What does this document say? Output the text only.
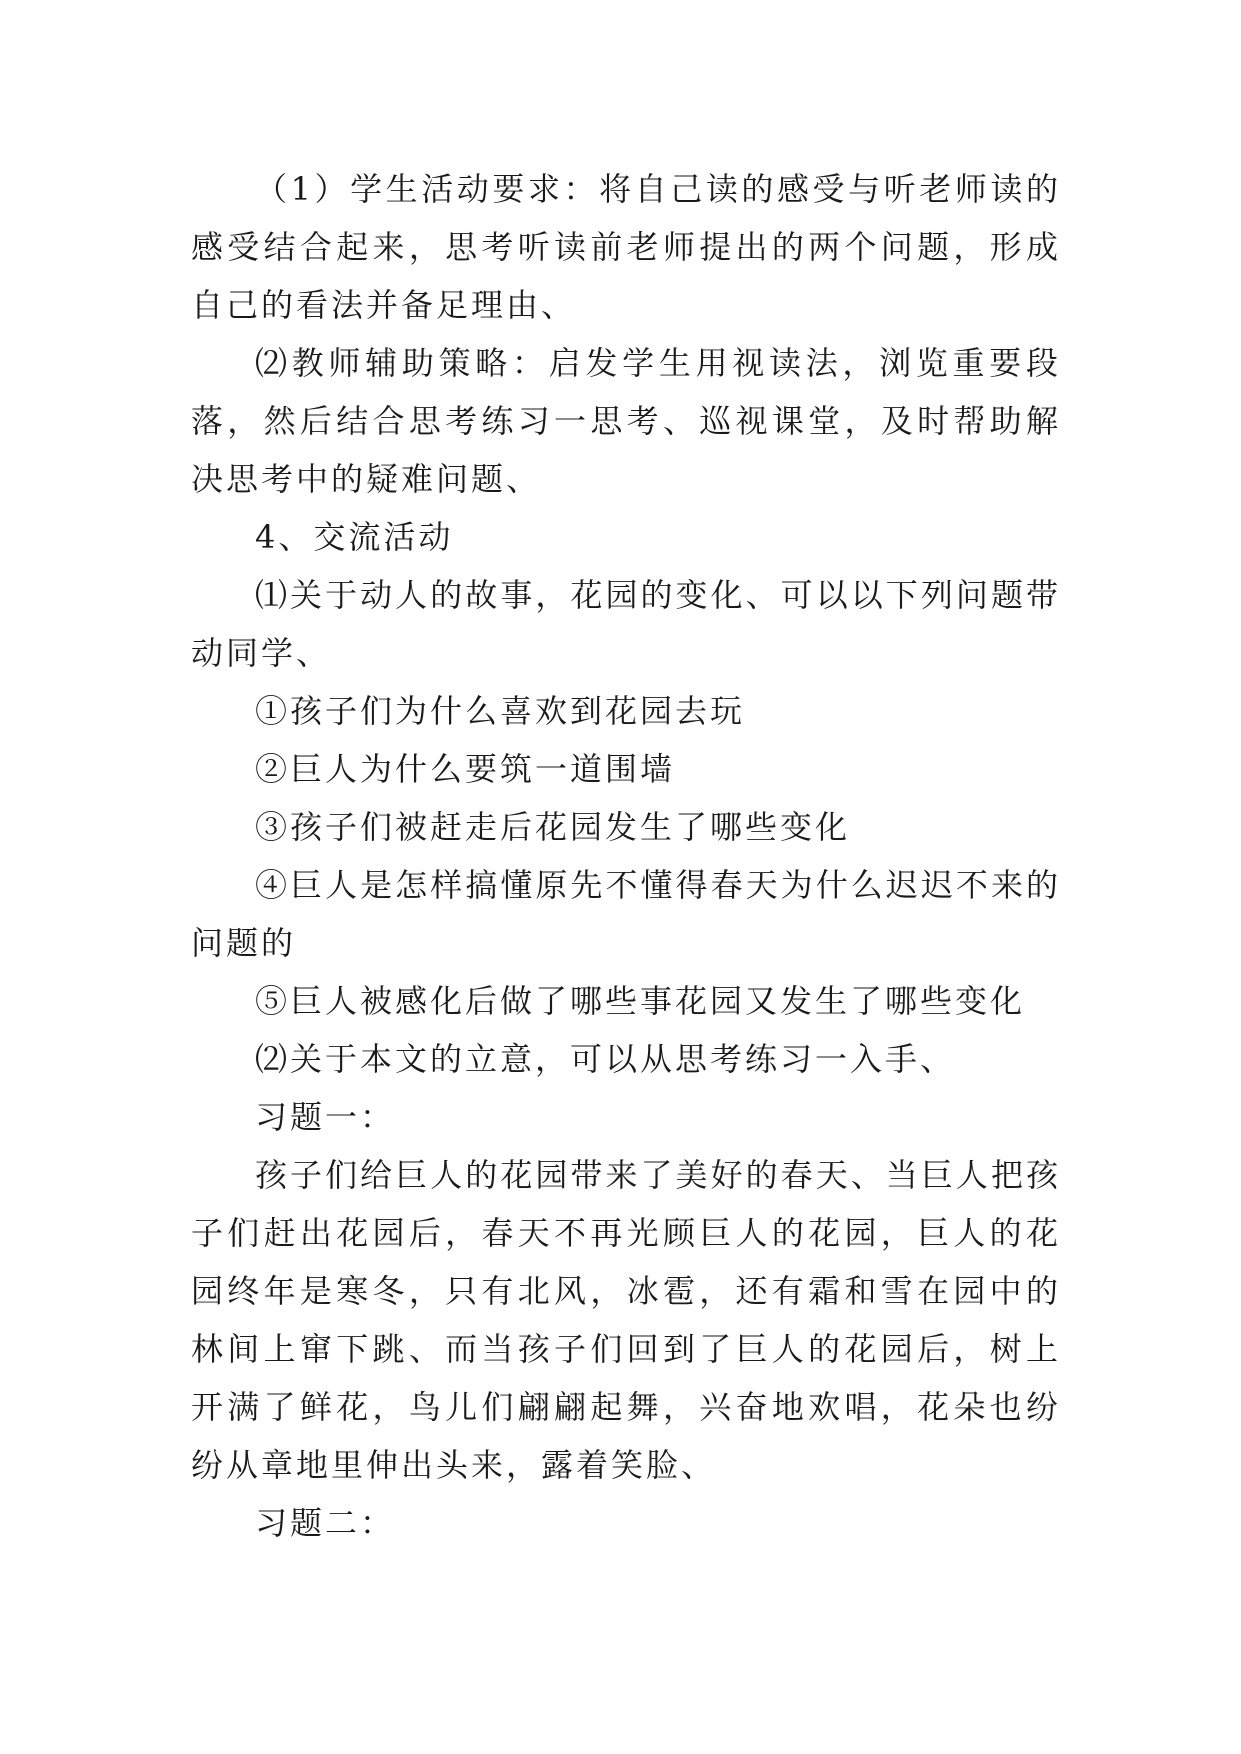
（1）学生活动要求：将自己读的感受与听老师读的感受结合起来，思考听读前老师提出的两个问题，形成自己的看法并备足理由、

⑵教师辅助策略：启发学生用视读法，浏览重要段落，然后结合思考练习一思考、巡视课堂，及时帮助解决思考中的疑难问题、

4、交流活动

⑴关于动人的故事，花园的变化、可以以下列问题带动同学、

①孩子们为什么喜欢到花园去玩

②巨人为什么要筑一道围墙

③孩子们被赶走后花园发生了哪些变化

④巨人是怎样搞懂原先不懂得春天为什么迟迟不来的问题的

⑤巨人被感化后做了哪些事花园又发生了哪些变化

⑵关于本文的立意，可以从思考练习一入手、

习题一：

孩子们给巨人的花园带来了美好的春天、当巨人把孩子们赶出花园后，春天不再光顾巨人的花园，巨人的花园终年是寒冬，只有北风，冰雹，还有霜和雪在园中的林间上窜下跳、而当孩子们回到了巨人的花园后，树上开满了鲜花，鸟儿们翩翩起舞，兴奋地欢唱，花朵也纷纷从章地里伸出头来，露着笑脸、

习题二：
